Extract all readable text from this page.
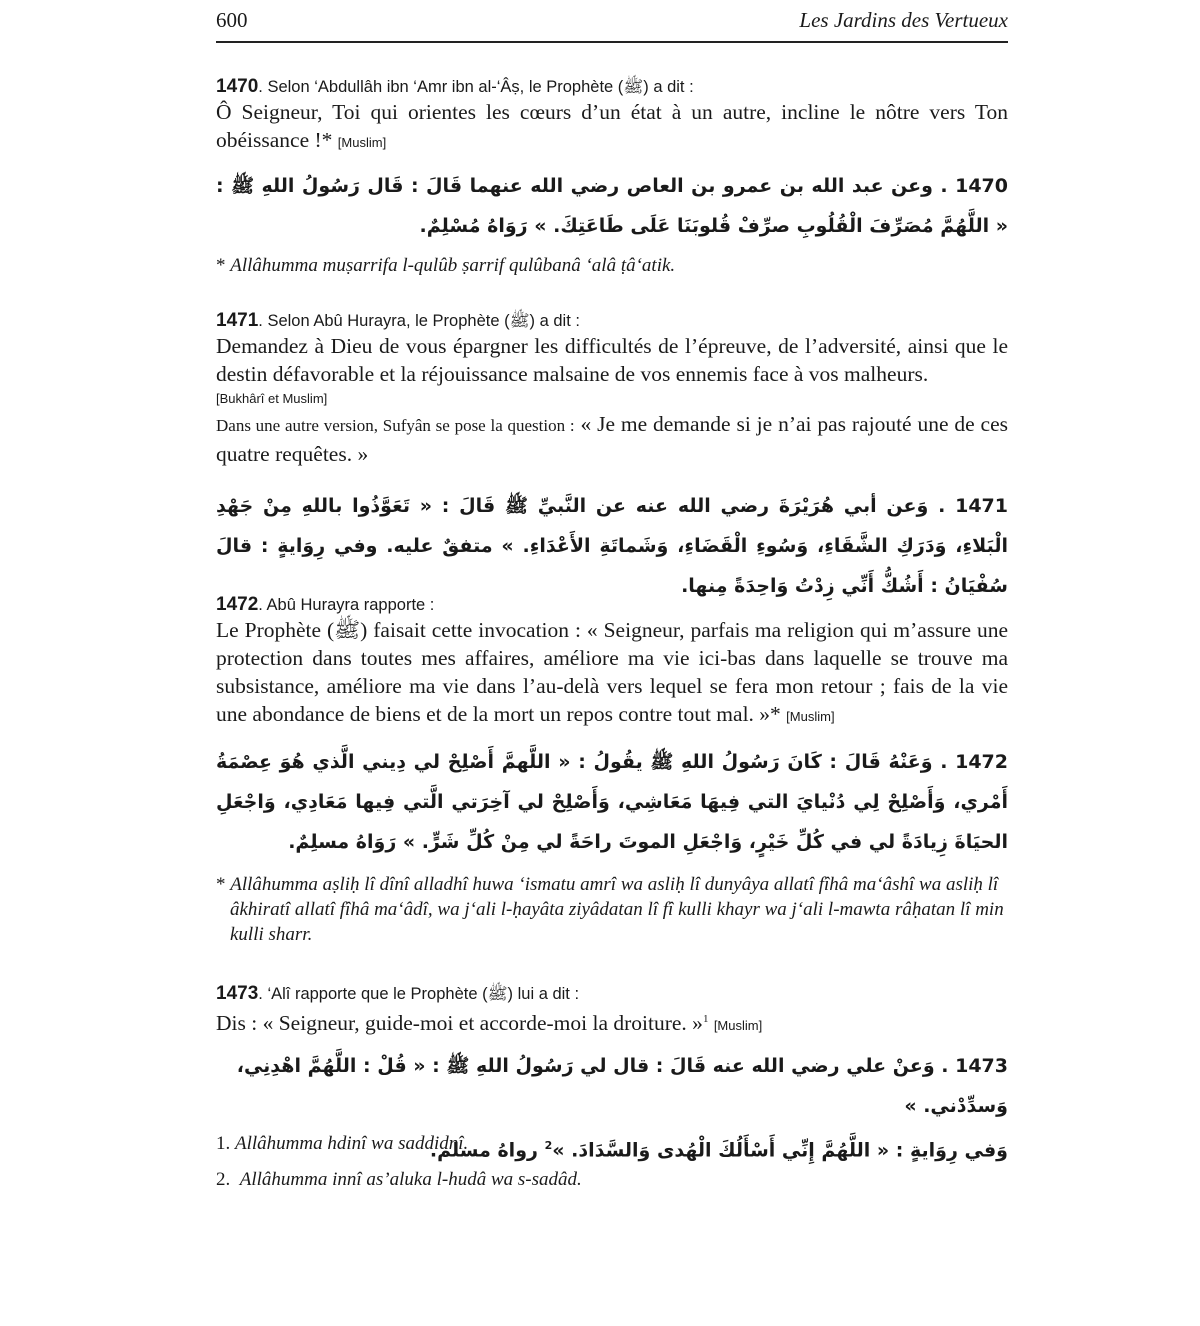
600	Les Jardins des Vertueux
1470. Selon ‘Abdullâh ibn ‘Amr ibn al-‘Âṣ, le Prophète (ﷺ) a dit :
Ô Seigneur, Toi qui orientes les cœurs d’un état à un autre, incline le nôtre vers Ton obéissance !* [Muslim]
1470 . وعن عبد الله بن عمرو بن العاص رضي الله عنهما قَالَ : قَال رَسُولُ اللهِ ﷺ : « اللَّهُمَّ مُصَرِّفَ الْقُلُوبِ صرِّفْ قُلوبَنَا عَلَى طَاعَتِكَ. » رَوَاهُ مُسْلِمٌ.
* Allâhumma muṣarrifa l-qulûb ṣarrif qulûbanâ ‘alâ ṭâ‘atik.
1471. Selon Abû Hurayra, le Prophète (ﷺ) a dit :
Demandez à Dieu de vous épargner les difficultés de l’épreuve, de l’adversité, ainsi que le destin défavorable et la réjouissance malsaine de vos ennemis face à vos malheurs.
[Bukhârî et Muslim]
Dans une autre version, Sufyân se pose la question : « Je me demande si je n’ai pas rajouté une de ces quatre requêtes. »
1471 . وَعن أبي هُرَيْرَةَ رضي الله عنه عن النَّبيِّ ﷺ قَالَ : « تَعَوَّذُوا باللهِ مِنْ جَهْدِ الْبَلاءِ، وَدَرَكِ الشَّقَاءِ، وَسُوءِ الْقَضَاءِ، وَشَماتَةِ الأَعْدَاءِ. » متفقٌ عليه. وفي رِوَايةٍ : قالَ سُفْيَانُ : أَشُكُّ أَنِّي زِدْتُ وَاحِدَةً مِنها.
1472. Abû Hurayra rapporte :
Le Prophète (ﷺ) faisait cette invocation : « Seigneur, parfais ma religion qui m’assure une protection dans toutes mes affaires, améliore ma vie ici-bas dans laquelle se trouve ma subsistance, améliore ma vie dans l’au-delà vers lequel se fera mon retour ; fais de la vie une abondance de biens et de la mort un repos contre tout mal. »* [Muslim]
1472 . وَعَنْهُ قَالَ : كَانَ رَسُولُ اللهِ ﷺ يقُولُ : « اللَّهمَّ أَصْلِحْ لي دِيني الَّذي هُوَ عِصْمَةُ أَمْري، وَأَصْلِحْ لِي دُنْيايَ التي فِيهَا مَعَاشِي، وَأَصْلِحْ لي آخِرَتي الَّتي فِيها مَعَادِي، وَاجْعَلِ الحيَاةَ زِيادَةً لي في كُلِّ خَيْرٍ، وَاجْعَلِ الموتَ راحَةً لي مِنْ كُلِّ شَرٍّ. » رَوَاهُ مسلِمٌ.
* Allâhumma aṣliḥ lî dînî alladhî huwa ‘ismatu amrî wa asliḥ lî dunyâya allatî fîhâ ma‘âshî wa asliḥ lî âkhiratî allatî fîhâ ma‘âdî, wa j‘ali l-ḥayâta ziyâdatan lî fî kulli khayr wa j‘ali l-mawta râḥatan lî min kulli sharr.
1473. ‘Alî rapporte que le Prophète (ﷺ) lui a dit :
Dis : « Seigneur, guide-moi et accorde-moi la droiture. »$^1$ [Muslim]
1473 . وَعنْ علي رضي الله عنه قَالَ : قال لي رَسُولُ اللهِ ﷺ : « قُلْ : اللَّهُمَّ اهْدِنِي، وَسدِّدْني. »
وَفي رِوَايةٍ : « اللَّهُمَّ إِنِّي أَسْأَلُكَ الْهُدى وَالسَّدَادَ. »$^2$ رواهُ مسلم.
1. Allâhumma hdinî wa saddidnî.
2. Allâhumma innî as’aluka l-hudâ wa s-sadâd.
